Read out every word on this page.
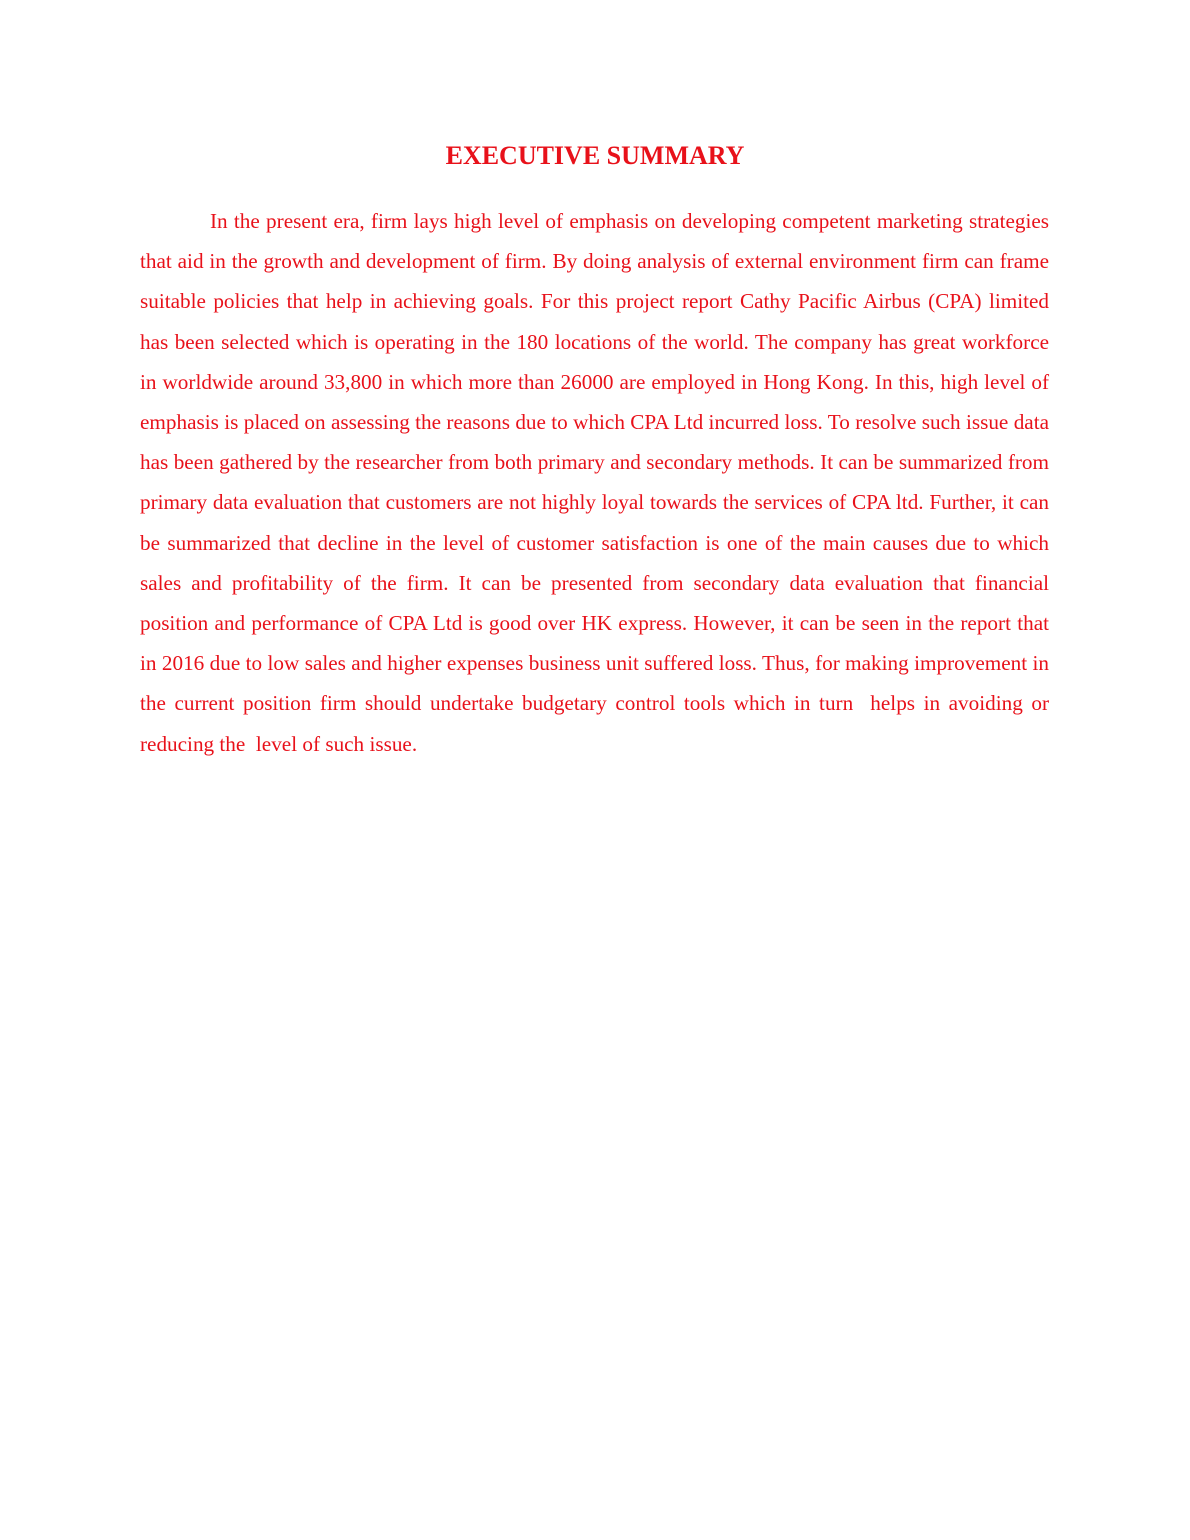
EXECUTIVE SUMMARY

In the present era, firm lays high level of emphasis on developing competent marketing strategies that aid in the growth and development of firm. By doing analysis of external environment firm can frame suitable policies that help in achieving goals. For this project report Cathy Pacific Airbus (CPA) limited has been selected which is operating in the 180 locations of the world. The company has great workforce in worldwide around 33,800 in which more than 26000 are employed in Hong Kong. In this, high level of emphasis is placed on assessing the reasons due to which CPA Ltd incurred loss. To resolve such issue data has been gathered by the researcher from both primary and secondary methods. It can be summarized from primary data evaluation that customers are not highly loyal towards the services of CPA ltd. Further, it can be summarized that decline in the level of customer satisfaction is one of the main causes due to which sales and profitability of the firm. It can be presented from secondary data evaluation that financial position and performance of CPA Ltd is good over HK express. However, it can be seen in the report that in 2016 due to low sales and higher expenses business unit suffered loss. Thus, for making improvement in the current position firm should undertake budgetary control tools which in turn  helps in avoiding or reducing the  level of such issue.
